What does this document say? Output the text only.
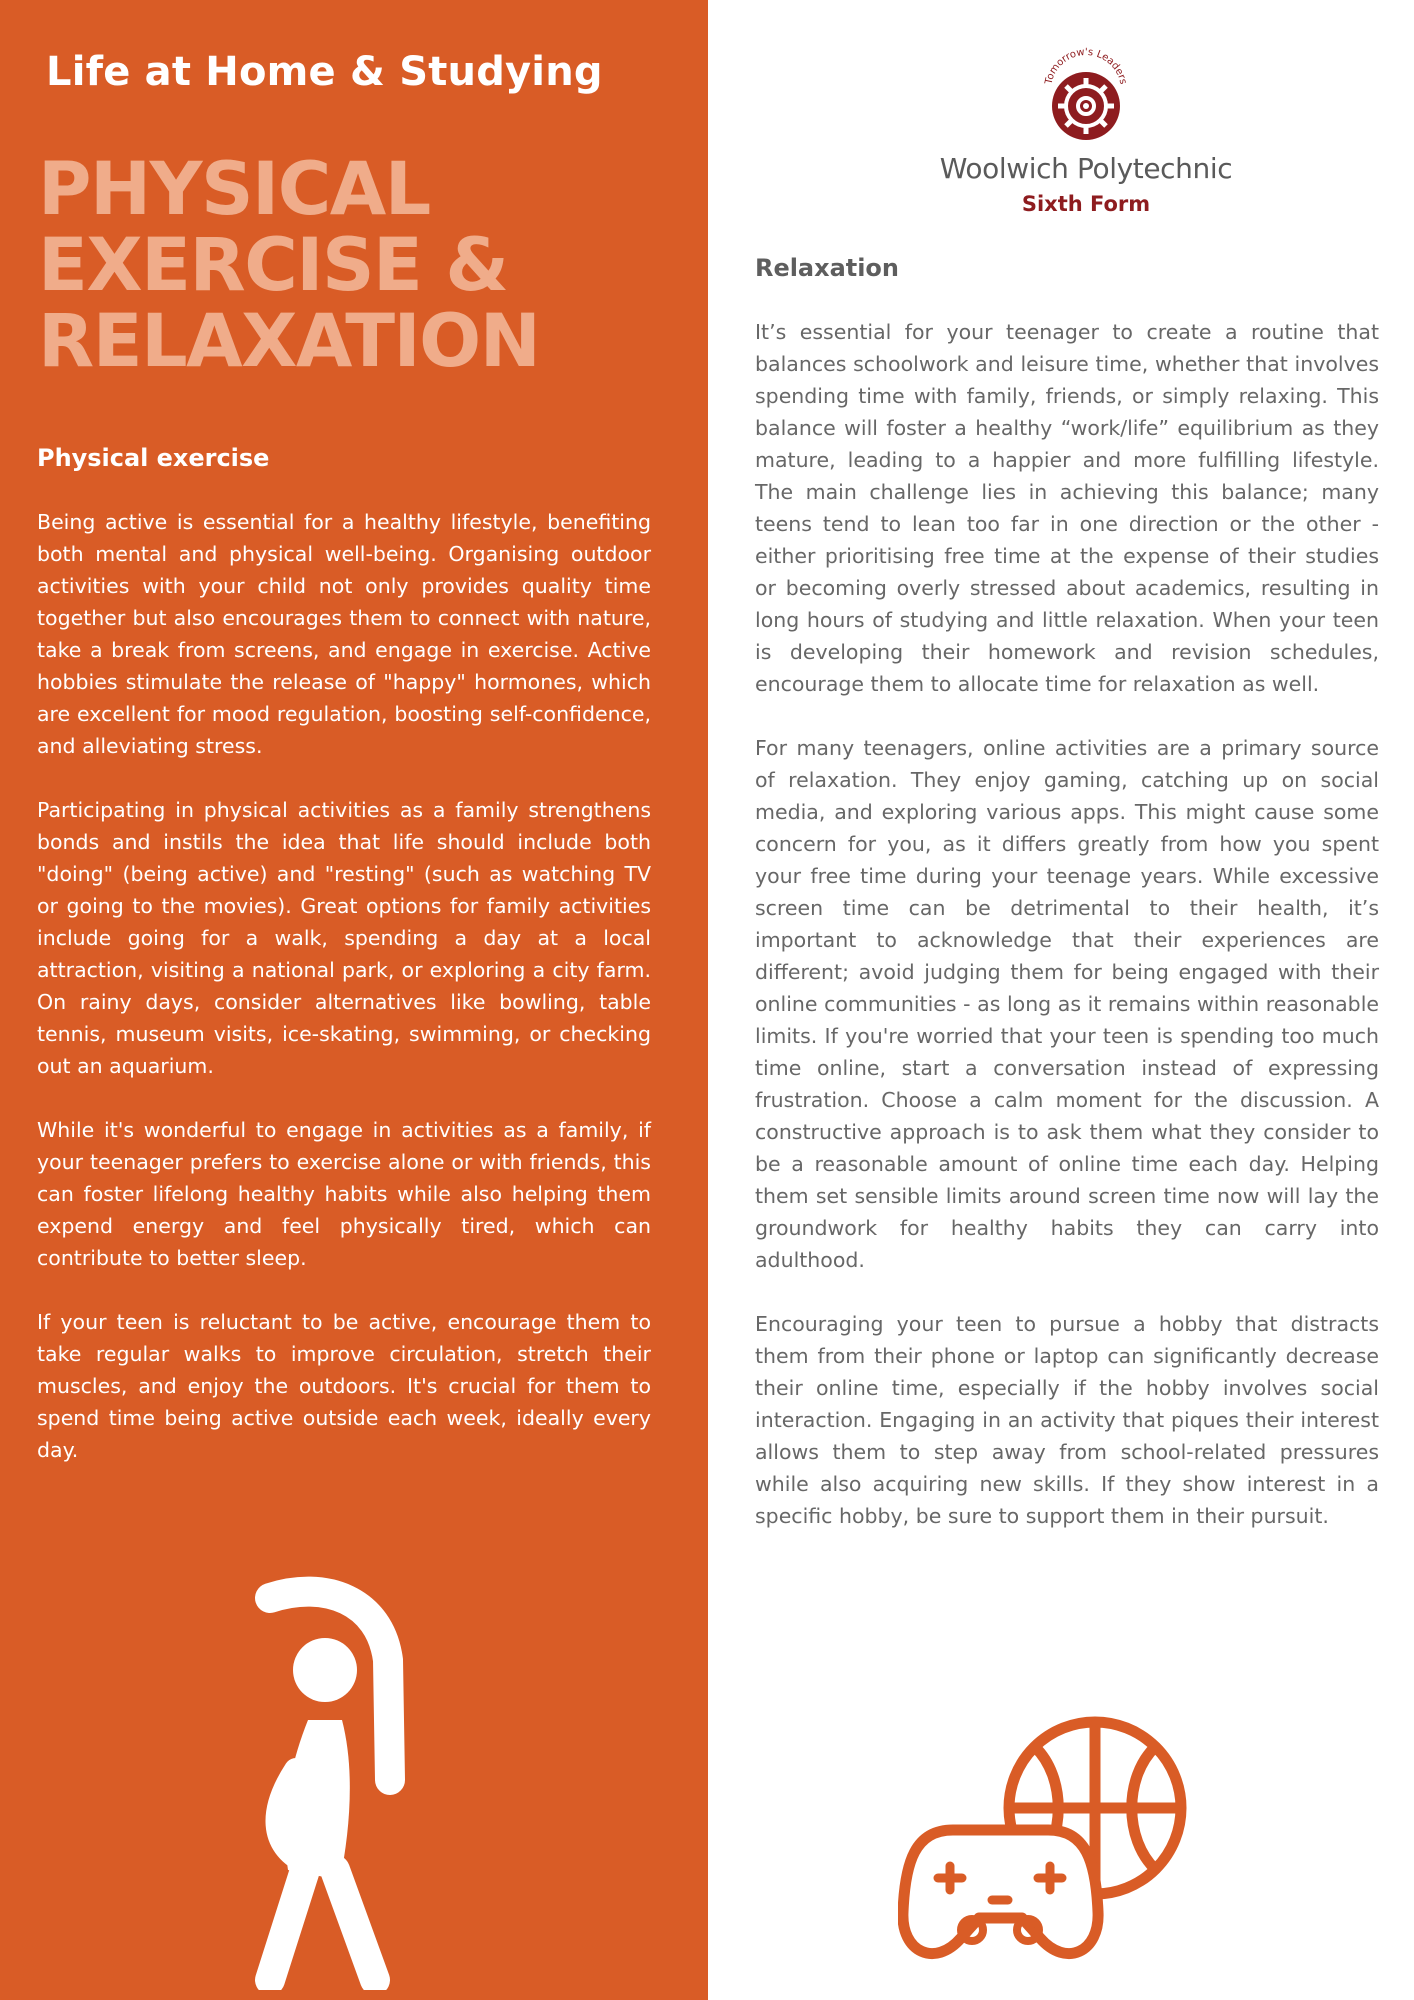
Life at Home & Studying
PHYSICAL
EXERCISE &
RELAXATION
Physical exercise

Being active is essential for a healthy lifestyle, benefiting both mental and physical well-being. Organising outdoor activities with your child not only provides quality time together but also encourages them to connect with nature, take a break from screens, and engage in exercise. Active hobbies stimulate the release of "happy" hormones, which are excellent for mood regulation, boosting self-confidence, and alleviating stress.

Participating in physical activities as a family strengthens bonds and instils the idea that life should include both "doing" (being active) and "resting" (such as watching TV or going to the movies). Great options for family activities include going for a walk, spending a day at a local attraction, visiting a national park, or exploring a city farm. On rainy days, consider alternatives like bowling, table tennis, museum visits, ice-skating, swimming, or checking out an aquarium.

While it's wonderful to engage in activities as a family, if your teenager prefers to exercise alone or with friends, this can foster lifelong healthy habits while also helping them expend energy and feel physically tired, which can contribute to better sleep.

If your teen is reluctant to be active, encourage them to take regular walks to improve circulation, stretch their muscles, and enjoy the outdoors. It's crucial for them to spend time being active outside each week, ideally every day.

Tomorrow's Leaders
Woolwich Polytechnic
Sixth Form
Relaxation

It’s essential for your teenager to create a routine that balances schoolwork and leisure time, whether that involves spending time with family, friends, or simply relaxing. This balance will foster a healthy “work/life” equilibrium as they mature, leading to a happier and more fulfilling lifestyle. The main challenge lies in achieving this balance; many teens tend to lean too far in one direction or the other - either prioritising free time at the expense of their studies or becoming overly stressed about academics, resulting in long hours of studying and little relaxation. When your teen is developing their homework and revision schedules, encourage them to allocate time for relaxation as well.

For many teenagers, online activities are a primary source of relaxation. They enjoy gaming, catching up on social media, and exploring various apps. This might cause some concern for you, as it differs greatly from how you spent your free time during your teenage years. While excessive screen time can be detrimental to their health, it’s important to acknowledge that their experiences are different; avoid judging them for being engaged with their online communities - as long as it remains within reasonable limits. If you're worried that your teen is spending too much time online, start a conversation instead of expressing frustration. Choose a calm moment for the discussion. A constructive approach is to ask them what they consider to be a reasonable amount of online time each day. Helping them set sensible limits around screen time now will lay the groundwork for healthy habits they can carry into adulthood.

Encouraging your teen to pursue a hobby that distracts them from their phone or laptop can significantly decrease their online time, especially if the hobby involves social interaction. Engaging in an activity that piques their interest allows them to step away from school-related pressures while also acquiring new skills. If they show interest in a specific hobby, be sure to support them in their pursuit.
